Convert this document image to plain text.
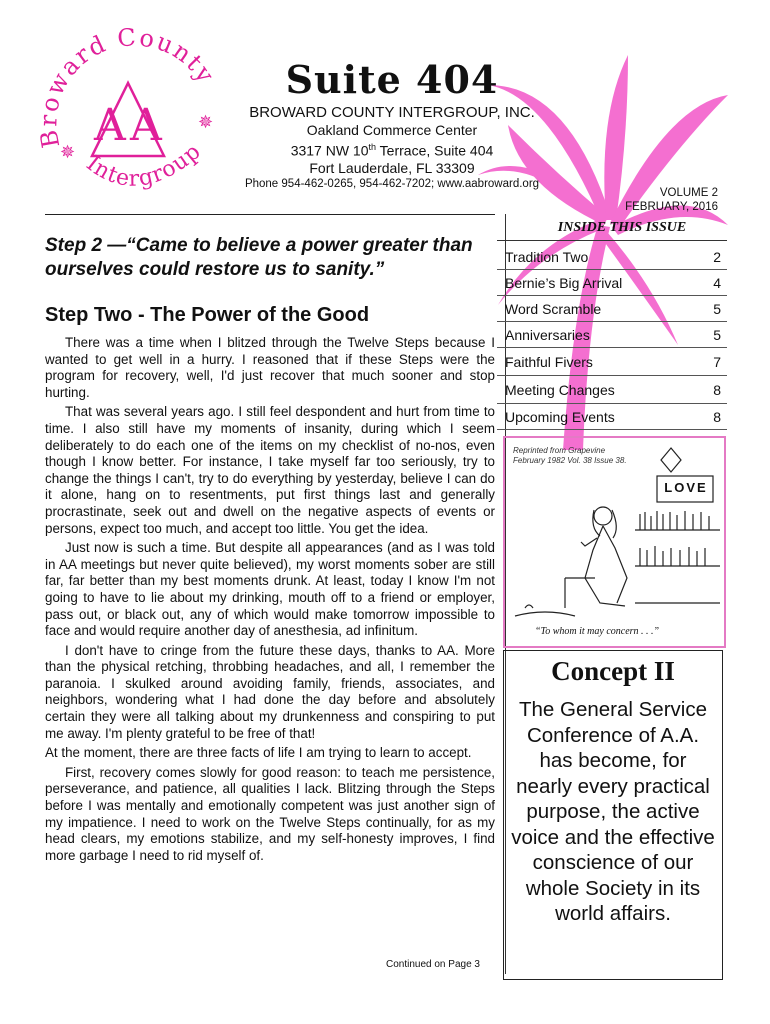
Broward County
Intergroup
A A
✵
✵
Suite 404
BROWARD COUNTY INTERGROUP, INC.
Oakland Commerce Center
3317 NW 10th Terrace, Suite 404
Fort Lauderdale, FL 33309
Phone 954-462-0265, 954-462-7202; www.aabroward.org
VOLUME 2
FEBRUARY, 2016
Step 2 —“Came to believe a power greater than ourselves could restore us to sanity.”
Step Two - The Power of the Good

There was a time when I blitzed through the Twelve Steps because I wanted to get well in a hurry. I reasoned that if these Steps were the program for recovery, well, I'd just recover that much sooner and stop hurting.

That was several years ago. I still feel despondent and hurt from time to time. I also still have my moments of insanity, during which I seem deliberately to do each one of the items on my checklist of no-nos, even though I know better. For instance, I take myself far too seriously, try to change the things I can't, try to do everything by yesterday, believe I can do it alone, hang on to resentments, put first things last and generally procrastinate, seek out and dwell on the negative aspects of events or persons, expect too much, and accept too little. You get the idea.

Just now is such a time. But despite all appearances (and as I was told in AA meetings but never quite believed), my worst moments sober are still far, far better than my best moments drunk. At least, today I know I'm not going to have to lie about my drinking, mouth off to a friend or employer, pass out, or black out, any of which would make tomorrow impossible to face and would require another day of anesthesia, ad infinitum.

I don't have to cringe from the future these days, thanks to AA. More than the physical retching, throbbing headaches, and all, I remember the paranoia. I skulked around avoiding family, friends, associates, and neighbors, wondering what I had done the day before and absolutely certain they were all talking about my drunkenness and conspiring to put me away. I'm plenty grateful to be free of that!

At the moment, there are three facts of life I am trying to learn to accept.

First, recovery comes slowly for good reason: to teach me persistence, perseverance, and patience, all qualities I lack. Blitzing through the Steps before I was mentally and emotionally competent was just another sign of my impatience. I need to work on the Twelve Steps continually, for as my head clears, my emotions stabilize, and my self-honesty improves, I find more garbage I need to rid myself of.

Continued on Page 3
INSIDE THIS ISSUE
Tradition Two	2
Bernie’s Big Arrival	4
Word Scramble	5
Anniversaries	5
Faithful Fivers	7
Meeting Changes	8
Upcoming Events	8
Reprinted from Grapevine
February 1982 Vol. 38 Issue 38.
LOVE
“To whom it may concern . . .”
Concept II
The General Service Conference of A.A. has become, for nearly every practical purpose, the active voice and the effective conscience of our whole Society in its world affairs.
